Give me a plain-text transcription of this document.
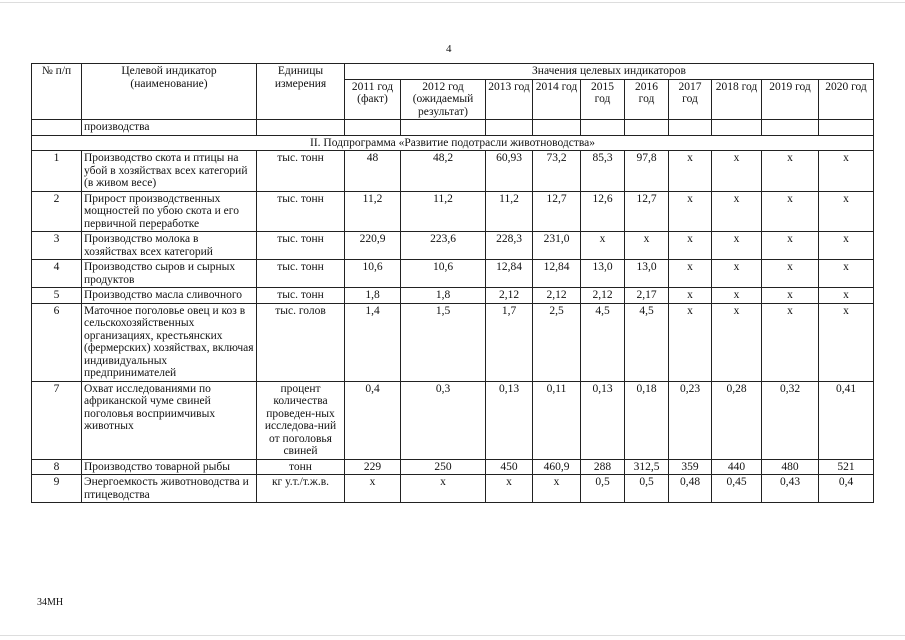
4
№ п/п	Целевой индикатор (наименование)	Единицы измерения	Значения целевых индикаторов									
			2011 год (факт)	2012 год (ожидаемый результат)	2013 год	2014 год	2015 год	2016 год	2017 год	2018 год	2019 год	2020 год
	производства											
II. Подпрограмма «Развитие подотрасли животноводства»												
1	Производство скота и птицы на убой в хозяйствах всех категорий (в живом весе)	тыс. тонн	48	48,2	60,93	73,2	85,3	97,8	х	х	х	х
2	Прирост производственных мощностей по убою скота и его первичной переработке	тыс. тонн	11,2	11,2	11,2	12,7	12,6	12,7	х	х	х	х
3	Производство молока в хозяйствах всех категорий	тыс. тонн	220,9	223,6	228,3	231,0	х	х	х	х	х	х
4	Производство сыров и сырных продуктов	тыс. тонн	10,6	10,6	12,84	12,84	13,0	13,0	х	х	х	х
5	Производство масла сливочного	тыс. тонн	1,8	1,8	2,12	2,12	2,12	2,17	х	х	х	х
6	Маточное поголовье овец и коз в сельскохозяйственных организациях, крестьянских (фермерских) хозяйствах, включая индивидуальных предпринимателей	тыс. голов	1,4	1,5	1,7	2,5	4,5	4,5	х	х	х	х
7	Охват исследованиями по африканской чуме свиней поголовья восприимчивых животных	процент количества проведен-ных исследова-ний от поголовья свиней	0,4	0,3	0,13	0,11	0,13	0,18	0,23	0,28	0,32	0,41
8	Производство товарной рыбы	тонн	229	250	450	460,9	288	312,5	359	440	480	521
9	Энергоемкость животноводства и птицеводства	кг у.т./т.ж.в.	х	х	х	х	0,5	0,5	0,48	0,45	0,43	0,4
34МН
